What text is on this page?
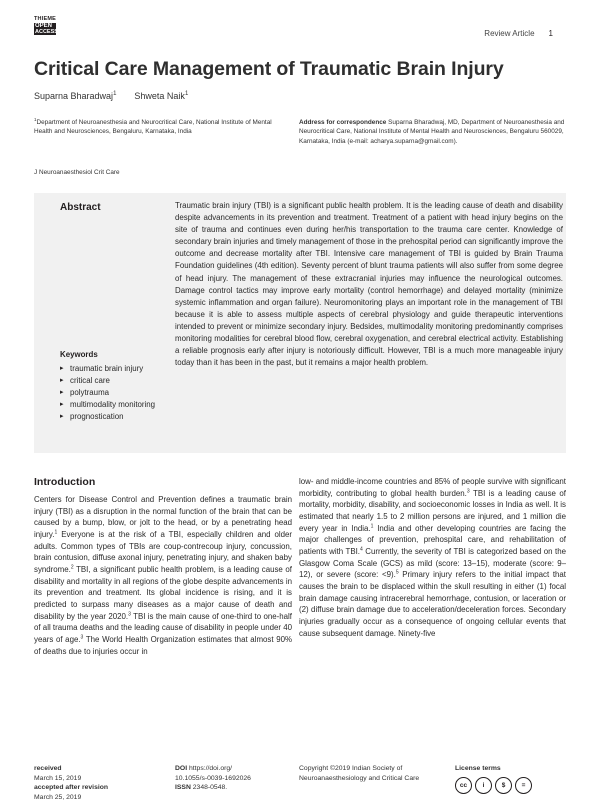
THIEME
OPEN
ACCESS	Review Article 1
Critical Care Management of Traumatic Brain Injury
Suparna Bharadwaj$^1$ Shweta Naik$^1$
$^1$Department of Neuroanesthesia and Neurocritical Care, National Institute of Mental Health and Neurosciences, Bengaluru, Karnataka, India
Address for correspondence Suparna Bharadwaj, MD, Department of Neuroanesthesia and Neurocritical Care, National Institute of Mental Health and Neurosciences, Bengaluru 560029, Karnataka, India (e-mail: acharya.suparna@gmail.com).
J Neuroanaesthesiol Crit Care
Abstract	Traumatic brain injury (TBI) is a significant public health problem. It is the leading cause of death and disability despite advancements in its prevention and treatment. Treatment of a patient with head injury begins on the site of trauma and continues even during her/his transportation to the trauma care center. Knowledge of secondary brain injuries and timely management of those in the prehospital period can significantly improve the outcome and decrease mortality after TBI. Intensive care management of TBI is guided by Brain Trauma Foundation guidelines (4th edition). Seventy percent of blunt trauma patients will also suffer from some degree of head injury. The management of these extracranial injuries may influence the neurological outcomes. Damage control tactics may improve early mortality (control hemorrhage) and delayed mortality (minimize systemic inflammation and organ failure). Neuromonitoring plays an important role in the management of TBI because it is able to assess multiple aspects of cerebral physiology and guide therapeutic interventions intended to prevent or minimize secondary injury. Bedsides, multimodality monitoring predominantly comprises monitoring modalities for cerebral blood flow, cerebral oxygenation, and cerebral electrical activity. Establishing a reliable prognosis early after injury is notoriously difficult. However, TBI is a much more manageable injury today than it has been in the past, but it remains a major health problem.
Keywords
▸ traumatic brain injury
▸ critical care
▸ polytrauma
▸ multimodality monitoring
▸ prognostication
Introduction
Centers for Disease Control and Prevention defines a traumatic brain injury (TBI) as a disruption in the normal function of the brain that can be caused by a bump, blow, or jolt to the head, or by a penetrating head injury.$^1$ Everyone is at the risk of a TBI, especially children and older adults. Common types of TBIs are coup-contrecoup injury, concussion, brain contusion, diffuse axonal injury, penetrating injury, and shaken baby syndrome.$^2$ TBI, a significant public health problem, is a leading cause of disability and mortality in all regions of the globe despite advancements in its prevention and treatment. Its global incidence is rising, and it is predicted to surpass many diseases as a major cause of death and disability by the year 2020.$^3$ TBI is the main cause of one-third to one-half of all trauma deaths and the leading cause of disability in people under 40 years of age.$^3$ The World Health Organization estimates that almost 90% of deaths due to injuries occur in
low- and middle-income countries and 85% of people survive with significant morbidity, contributing to global health burden.$^3$ TBI is a leading cause of mortality, morbidity, disability, and socioeconomic losses in India as well. It is estimated that nearly 1.5 to 2 million persons are injured, and 1 million die every year in India.$^1$ India and other developing countries are facing the major challenges of prevention, prehospital care, and rehabilitation of patients with TBI.$^4$ Currently, the severity of TBI is categorized based on the Glasgow Coma Scale (GCS) as mild (score: 13–15), moderate (score: 9–12), or severe (score: <9).$^5$ Primary injury refers to the initial impact that causes the brain to be displaced within the skull resulting in either (1) focal brain damage causing intracerebral hemorrhage, contusion, or laceration or (2) diffuse brain damage due to acceleration/deceleration forces. Secondary injuries gradually occur as a consequence of ongoing cellular events that cause subsequent damage. Ninety-five
received
March 15, 2019
accepted after revision
March 25, 2019
DOI https://doi.org/
10.1055/s-0039-1692026
ISSN 2348-0548.
Copyright ©2019 Indian Society of Neuroanaesthesiology and Critical Care
License terms
cc	i	$	=
